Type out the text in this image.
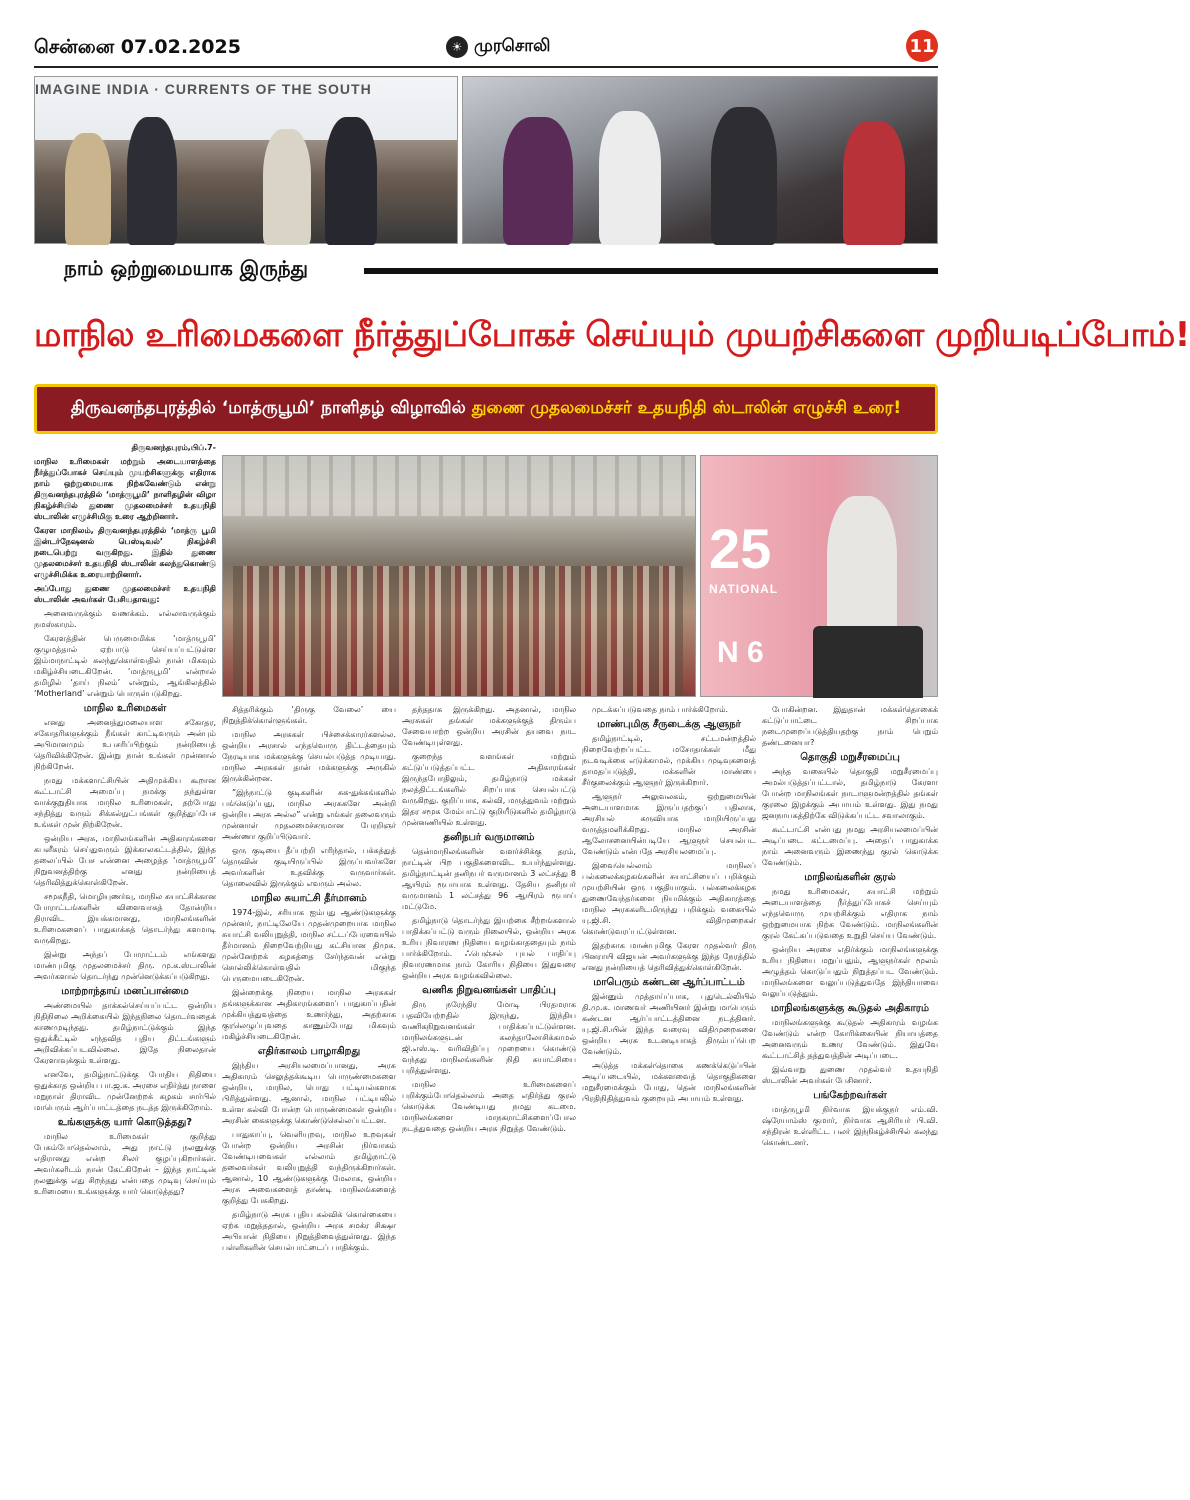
சென்னை 07.02.2025	☀ முரசொலி	11
IMAGINE INDIA · CURRENTS OF THE SOUTH
நாம் ஒற்றுமையாக இருந்து
மாநில உரிமைகளை நீர்த்துப்போகச் செய்யும் முயற்சிகளை முறியடிப்போம்!
திருவனந்தபுரத்தில் ‘மாத்ருபூமி’ நாளிதழ் விழாவில் துணை முதலமைச்சர் உதயநிதி ஸ்டாலின் எழுச்சி உரை!
25
NATIONAL
N 6

திருவனந்தபுரம்,பிப்.7-

மாநில உரிமைகள் மற்றும் அடையாளத்தை நீர்த்துப்போகச் செய்யும் முயற்சிகளுக்கு எதிராக நாம் ஒற்றுமையாக நிற்கவேண்டும் என்று திருவனந்தபுரத்தில் ‘மாத்ருபூமி’ நாளிதழின் விழா நிகழ்ச்சியில் துணை முதலமைச்சர் உதயநிதி ஸ்டாலின் எழுச்சிமிகு உரை ஆற்றினார்.

கேரள மாநிலம், திருவனந்தபுரத்தில் ‘மாத்ரு பூமி இன்டர்நேஷனல் பெஸ்டிவல்’ நிகழ்ச்சி நடைபெற்று வருகிறது. இதில் துணை முதலமைச்சர் உதயநிதி ஸ்டாலின் கலந்துகொண்டு எழுச்சிமிக்க உரையாற்றினார்.

அப்போது துணை முதலமைச்சர் உதயநிதி ஸ்டாலின் அவர்கள் பேசியதாவது:

அனைவருக்கும் வணக்கம். எல்லாவருக்கும் நமஸ்காரம்.

கேரளத்தின் பெருமைமிக்க ‘மாத்ருபூமி’ குழுமத்தால் ஏற்பாடு செய்யப்பட்டுள்ள இம்மாநாட்டில் கலந்துகொள்வதில் நான் மிகவும் மகிழ்ச்சியடைகிறேன். ‘மாத்ருபூமி’ என்றால் தமிழில் ‘தாய் நிலம்’ என்றும், ஆங்கிலத்தில் ‘Motherland’ என்றும் பொருள்படுகிறது.

மாநில உரிமைகள்

எனது அனைத்துமலையாள சகோதர, சகோதரிகளுக்கும் நீங்கள் காட்டிவரும் அன்பும் அபிமானமும் உபசரிப்பிற்கும் நன்றியைத் தெரிவிக்கிறேன். இன்று நான் உங்கள் முன்னால் நிற்கிறேன்.

நமது மக்களாட்சியின் அதிமுக்கிய கூறான கூட்டாட்சி அமைப்பு நமக்கு தந்துள்ள வாக்குறுதியாக மாநில உரிமைகள், தற்போது சந்தித்து வரும் சிக்கல்நுட்பங்கள் குறித்துப்பேச உங்கள் முன் நிற்கிறேன்.

ஒன்றிய அரசு, மாநிலங்களின் அதிகாரங்களை கபளீகரம் செய்துவரும் இக்காலகட்டத்தில், இந்த தலைப்பில் பேச என்னை அழைத்த ‘மாத்ருபூமி’ நிறுவனத்திற்கு எனது நன்றியைத் தெரிவித்துக்கொள்கிறேன்.

சமூகநீதி, மொழியுணர்வு, மாநில சுயாட்சிக்கான போராட்டங்களின் விளைவாகத் தோன்றிய திராவிட இயக்கமானது, மாநிலங்களின் உரிமைகளைப் பாதுகாக்கத் தொடர்ந்து களமாடி வருகிறது.

இன்று அந்தப் போராட்டம் எங்களது மாண்புமிகு முதலமைச்சர் திரு. மு.க.ஸ்டாலின் அவர்களால் தொடர்ந்து முன்னெடுக்கப்படுகிறது.

மாற்றாந்தாய் மனப்பான்மை

அண்மையில் தாக்கல்செய்யப்பட்ட ஒன்றிய நிதிநிலை அறிக்கையில் இந்தநிலை தொடர்வதைக் காணமுடிந்தது. தமிழ்நாட்டுக்கும் இந்த ஒதுக்கீட்டில் எந்தவித புதிய திட்டங்களும் அறிவிக்கப்படவில்லை. இதே நிலைதான் கேரளாவுக்கும் உள்ளது.

எனவே, தமிழ்நாட்டுக்கு போதிய நிதியை ஒதுக்காத ஒன்றிய பா.ஜ.க. அரசை எதிர்த்து நாளை மறுநாள் திராவிட முன்னேற்றக் கழகம் சார்பில் மாபெரும் ஆர்ப்பாட்டத்தை நடத்த இருக்கிறோம்.

உங்களுக்கு யார் கொடுத்தது?

மாநில உரிமைகள் குறித்து பேசும்போதெல்லாம், அது நாட்டு நலனுக்கு எதிரானது என்ற சிலர் குழப்புகிறார்கள். அவர்களிடம் நான் கேட்கிறேன் – இந்த நாட்டின் நலனுக்கு எது சிறந்தது என்பதை முடிவு செய்யும் உரிமையை உங்களுக்கு யார் கொடுத்தது?

சித்தரிக்கும் ‘திருகு வேலை’ யை நிறுத்திக்கொள்ளுங்கள்.

மாநில அரசுகள் பிச்சைக்காரர்களல்ல. ஒன்றிய அரசால் எந்தவொரு திட்டத்தையும் நேரடியாக மக்களுக்கு செயல்படுத்த முடியாது. மாநில அரசுகள் தான் மக்களுக்கு அருகில் இருக்கின்றன.

“இந்நாட்டு குடிகளின் சுக-துக்கங்களில் பங்கெடுப்பது, மாநில அரசுகளே அன்றி ஒன்றிய அரசு அல்ல” என்று எங்கள் தலைவரும் முன்னாள் முதலமைச்சருமான பேரறிஞர் அண்ணா குறிப்பிடுவார்.

ஒரு குடியை தீப்பற்றி எரிந்தால், பக்கத்துத் தெருவின் குடியிருப்பில் இருப்பவர்களே அவர்களின் உதவிக்கு வருவார்கள். தொலைவில் இருக்கும் எவரும் அல்ல.

மாநில சுயாட்சி தீர்மானம்

1974-இல், சரியாக ஐம்பது ஆண்டுகளுக்கு முன்னர், நாட்டிலேயே முதன்முறையாக மாநில சுயாட்சி வலியுறுத்தி, மாநில சட்டப்பேரவையில் தீர்மானம் நிறைவேற்றியது கட்சியான திமுக. முன்னேற்றக் கழகத்தை சேர்ந்தவன் என்று சொல்லிக்கொள்வதில் மிகுந்த பெருமையடைகிறேன்.

இன்றைக்கு நிறைய மாநில அரசுகள் தங்களுக்கான அதிகாரங்களைப் பாதுகாப்பதின் முக்கியத்துவத்தை உணர்ந்து, அதற்காக குரலெழுப்புவதை காணும்போது மிகவும் மகிழ்ச்சியடைகிறேன்.

எதிர்காலம் பாழாகிறது

இந்திய அரசியலமைப்பானது, அரசு அதிகாரம் செலுத்தக்கூடிய பொருண்மைகளை ஒன்றிய, மாநில, பொது பட்டியல்களாக பிரித்துள்ளது. ஆனால், மாநில பட்டியலில் உள்ள கல்வி போன்ற பொருண்மைகள் ஒன்றிய அரசின் கைகளுக்கு கொண்டுசெல்லப்பட்டன.

பாதுகாப்பு, வெளியுறவு, மாநில உறவுகள் போன்ற ஒன்றிய அரசின் நிர்வாகம் வேண்டியவைகள் எல்லாம் தமிழ்நாட்டு தலைவர்கள் வலியுறுத்தி வந்திருக்கிறார்கள். ஆனால், 10 ஆண்டுகளுக்கு மேலாக, ஒன்றிய அரசு அவைகளைத் தாண்டி மாநிலங்களைத் குறித்து பேசுகிறது.

தமிழ்நாடு அரசு புதிய கல்விக் கொள்கையை ஏற்க மறுத்ததால், ஒன்றிய அரசு சமக்ர சிக்ஷா அபியான் நிதியை நிறுத்திவைத்துள்ளது. இந்த பள்ளிகளின் செயல்பாட்டைப் பாதிக்கும்.

தந்ததாக இருக்கிறது. அதனால், மாநில அரசுகள் தங்கள் மக்களுக்குத் திரும்ப சேவையாற்ற ஒன்றிய அரசின் தயவை நாட வேண்டியுள்ளது.

குறைந்த வளங்கள் மற்றும் கட்டுப்படுத்தப்பட்ட அதிகாரங்கள் இருந்தபோதிலும், தமிழ்நாடு மக்கள் நலத்திட்டங்களில் சிறப்பாக செயல்பட்டு வருகிறது. குறிப்பாக, கல்வி, மருத்துவம் மற்றும் இதர சமூக மேம்பாட்டு குறியீடுகளில் தமிழ்நாடு முன்னணியில் உள்ளது.

தனிநபர் வருமானம்

தென்மாநிலங்களின் வளர்ச்சிக்கு தரம், நாட்டின் பிற பகுதிகளைவிட உயர்ந்துள்ளது. தமிழ்நாட்டின் தனிநபர் வருமானம் 3 லட்சத்து 8 ஆயிரம் ரூபாயாக உள்ளது. தேசிய தனிநபர் வருமானம் 1 லட்சத்து 96 ஆயிரம் ரூபாய் மட்டுமே.

தமிழ்நாடு தொடர்ந்து இயற்கை சீற்றங்களால் பாதிக்கப்பட்டு வரும் நிலையில், ஒன்றிய அரசு உரிய நிவாரண நிதியை வழங்காததையும் நாம் பார்க்கிறோம். ஃபெஞ்சல் புயல் பாதிப்பு நிவாரணமாக நாம் கோரிய நிதியை இதுவரை ஒன்றிய அரசு வழங்கவில்லை.

வணிக நிறுவனங்கள் பாதிப்பு

திரு நரேந்திர மோடி பிரதமராக பதவியேற்றதில் இருந்து, இந்திய வணிகநிறுவனங்கள் பாதிக்கப்பட்டுள்ளன. மாநிலங்களுடன் கலந்தாலோசிக்காமல் ஜி.எஸ்.டி. வரிவிதிப்பு முறையை கொண்டு வந்தது மாநிலங்களின் நிதி சுயாட்சியை பறித்துள்ளது.

மாநில உரிமைகளைப் பறிக்கும்போதெல்லாம் அதை எதிர்த்து குரல் கொடுக்க வேண்டியது நமது கடமை. மாநிலங்களை மாநகராட்சிகளைப்போல நடத்துவதை ஒன்றிய அரசு நிறுத்த வேண்டும்.

முடக்கப்படுவதை நாம் பார்க்கிறோம்.

மாண்புமிகு சீருடைக்கு ஆளுநர்

தமிழ்நாட்டில், சட்டமன்றத்தில் நிறைவேற்றப்பட்ட மசோதாக்கள் மீது நடவடிக்கை எடுக்காமல், முக்கிய முடிவுகளைத் தாமதப்படுத்தி, மக்களின் மாண்பை சீர்குலைக்கும் ஆளுநர் இருக்கிறார்.

ஆளுநர் அலுவலகம், ஒற்றுமையின் அடையாளமாக இருப்பதற்குப் பதிலாக, அரசியல் கருவியாக மாறியிருப்பது வருத்தமளிக்கிறது. மாநில அரசின் ஆலோசனையின்படியே ஆளுநர் செயல்பட வேண்டும் என்பதே அரசியலமைப்பு.

இவையெல்லாம் மாநிலப் பல்கலைக்கழகங்களின் சுயாட்சியைப் பறிக்கும் முயற்சியின் ஒரு பகுதியாகும். பல்கலைக்கழக துணைவேந்தர்களை நியமிக்கும் அதிகாரத்தை மாநில அரசுகளிடமிருந்து பறிக்கும் வகையில் யு.ஜி.சி. விதிமுறைகள் கொண்டுவரப்பட்டுள்ளன.

இதற்காக மாண்புமிகு கேரள முதல்வர் திரு பினராயி விஜயன் அவர்களுக்கு இந்த நேரத்தில் எனது நன்றியைத் தெரிவித்துக்கொள்கிறேன்.

மாபெரும் கண்டன ஆர்ப்பாட்டம்

இன்னும் முத்தாய்ப்பாக, புதுடெல்லியில் தி.மு.க. மாணவர் அணியினர் இன்று மாபெரும் கண்டன ஆர்ப்பாட்டத்தினை நடத்தினர். யு.ஜி.சி.யின் இந்த வரைவு விதிமுறைகளை ஒன்றிய அரசு உடனடியாகத் திரும்பப்பெற வேண்டும்.

அடுத்த மக்கள்தொகை கணக்கெடுப்பின் அடிப்படையில், மக்களவைத் தொகுதிகளை மறுசீரமைக்கும் போது, தென் மாநிலங்களின் பிரதிநிதித்துவம் குறையும் அபாயம் உள்ளது.

போகின்றன. இதுதான் மக்கள்தொகைக் கட்டுப்பாட்டை சிறப்பாக நடைமுறைப்படுத்தியதற்கு நாம் பெறும் தண்டனையா?

தொகுதி மறுசீரமைப்பு

அந்த வகையில் தொகுதி மறுசீரமைப்பு அமல்படுத்தப்பட்டால், தமிழ்நாடு கேரளா போன்ற மாநிலங்கள் நாடாளுமன்றத்தில் தங்கள் குரலை இழக்கும் அபாயம் உள்ளது. இது நமது ஜனநாயகத்திற்கே விடுக்கப்பட்ட சவாலாகும்.

கூட்டாட்சி என்பது நமது அரசியலமைப்பின் அடிப்படை கட்டமைப்பு. அதைப் பாதுகாக்க நாம் அனைவரும் இணைந்து குரல் கொடுக்க வேண்டும்.

மாநிலங்களின் குரல்

நமது உரிமைகள், சுயாட்சி மற்றும் அடையாளத்தை நீர்த்துப்போகச் செய்யும் எந்தவொரு முயற்சிக்கும் எதிராக நாம் ஒற்றுமையாக நிற்க வேண்டும். மாநிலங்களின் குரல் கேட்கப்படுவதை உறுதி செய்ய வேண்டும்.

ஒன்றிய அரசை எதிர்க்கும் மாநிலங்களுக்கு உரிய நிதியை மறுப்பதும், ஆளுநர்கள் மூலம் அழுத்தம் கொடுப்பதும் நிறுத்தப்பட வேண்டும். மாநிலங்களை வலுப்படுத்துவதே இந்தியாவை வலுப்படுத்தும்.

மாநிலங்களுக்கு கூடுதல் அதிகாரம்

மாநிலங்களுக்கு கூடுதல் அதிகாரம் வழங்க வேண்டும் என்ற கோரிக்கையின் நியாயத்தை அனைவரும் உணர வேண்டும். இதுவே கூட்டாட்சித் தத்துவத்தின் அடிப்படை.

இவ்வாறு துணை முதல்வர் உதயநிதி ஸ்டாலின் அவர்கள் பேசினார்.

பங்கேற்றவர்கள்

மாத்ருபூமி நிர்வாக இயக்குநர் எம்.வி. ஷ்ரேயாம்ஸ் குமார், நிர்வாக ஆசிரியர் பி.வி. சந்திரன் உள்ளிட்ட பலர் இந்நிகழ்ச்சியில் கலந்து கொண்டனர்.
